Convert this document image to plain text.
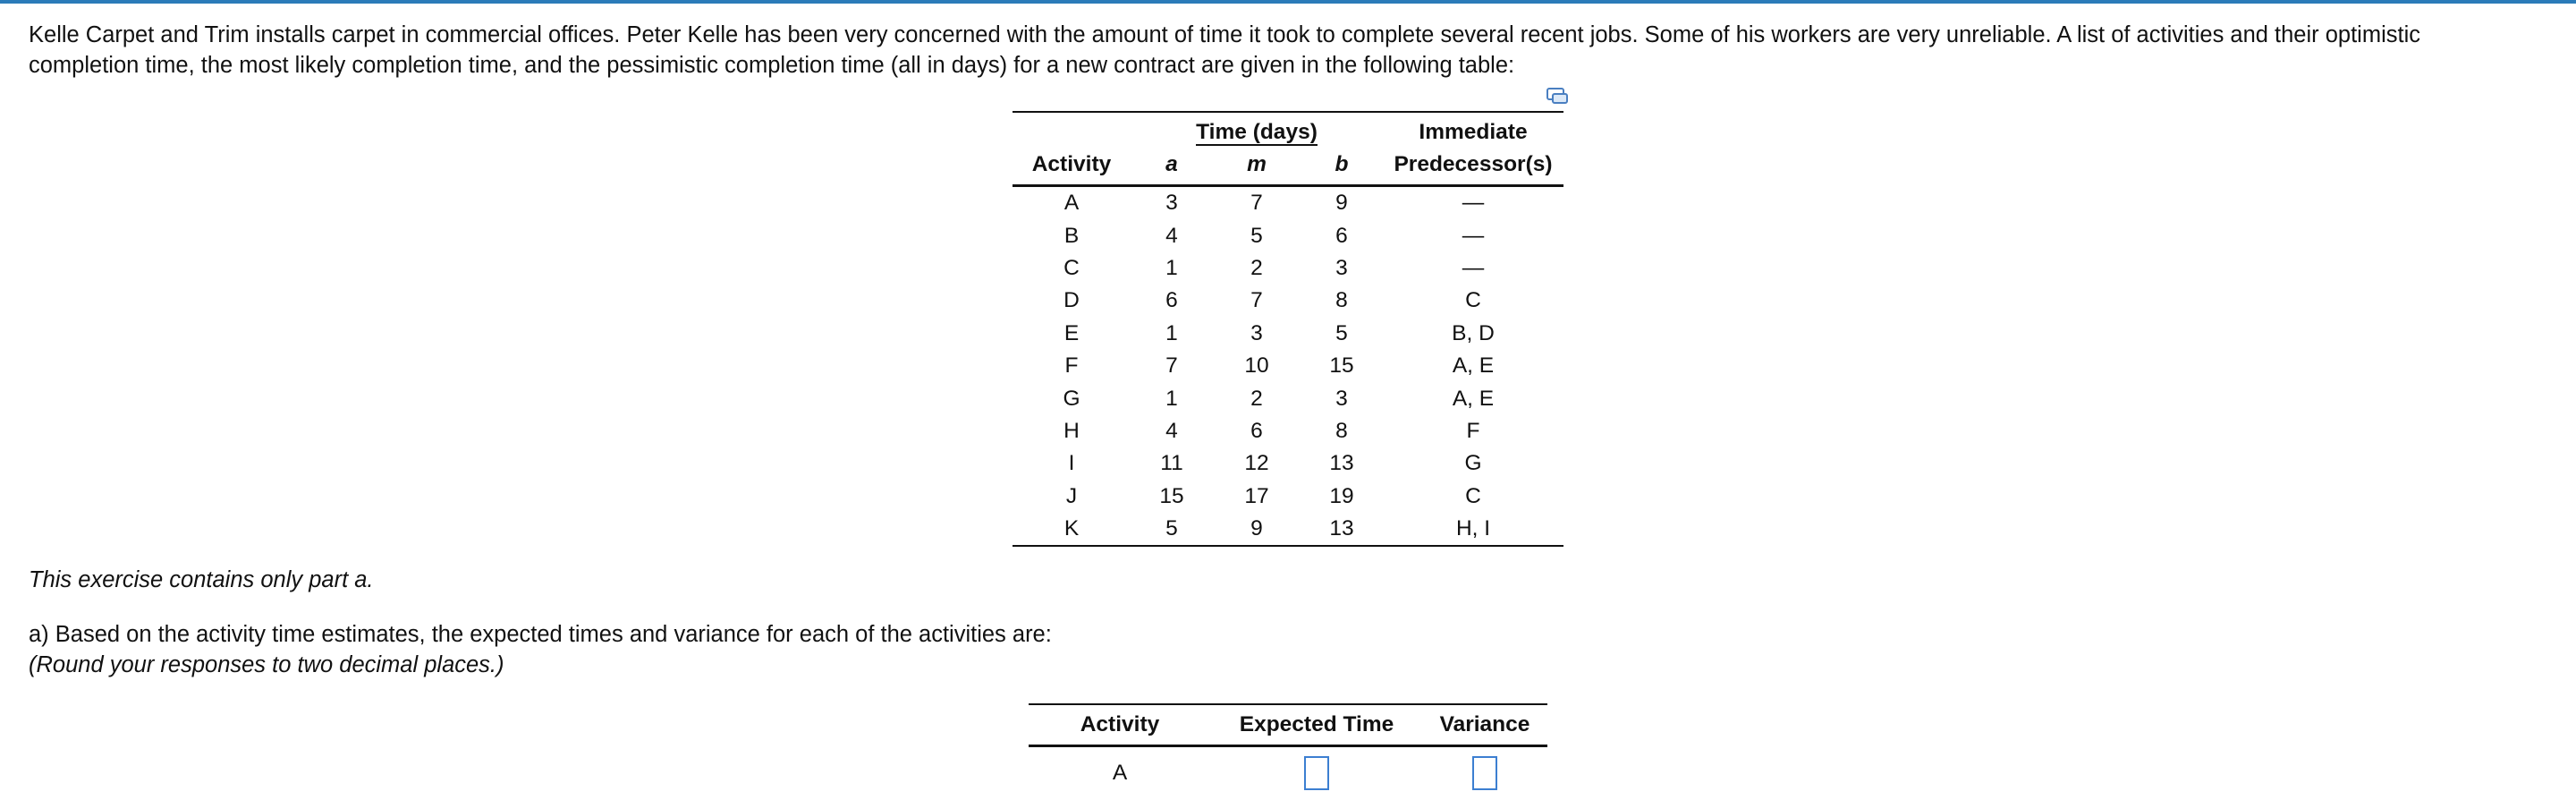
Kelle Carpet and Trim installs carpet in commercial offices. Peter Kelle has been very concerned with the amount of time it took to complete several recent jobs. Some of his workers are very unreliable. A list of activities and their optimistic completion time, the most likely completion time, and the pessimistic completion time (all in days) for a new contract are given in the following table:

	Time (days)			Immediate
Activity	a	m	b	Predecessor(s)
A	3	7	9	—
B	4	5	6	—
C	1	2	3	—
D	6	7	8	C
E	1	3	5	B, D
F	7	10	15	A, E
G	1	2	3	A, E
H	4	6	8	F
I	11	12	13	G
J	15	17	19	C
K	5	9	13	H, I

This exercise contains only part a.

a) Based on the activity time estimates, the expected times and variance for each of the activities are:
(Round your responses to two decimal places.)

Activity	Expected Time	Variance
A		
